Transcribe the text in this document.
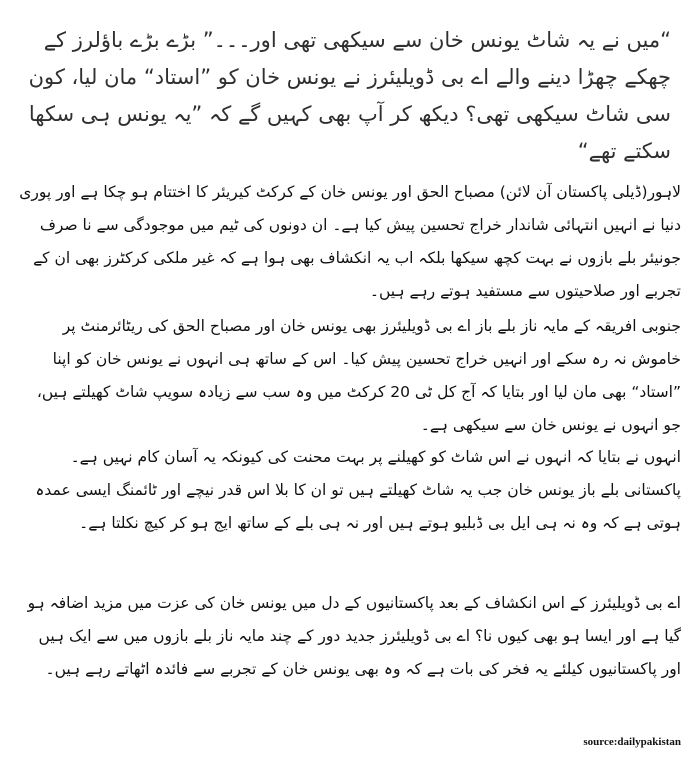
“میں نے یہ شاٹ یونس خان سے سیکھی تھی اور۔۔۔” بڑے بڑے باؤلرز کے چھکے چھڑا دینے والے اے بی ڈویلیئرز نے یونس خان کو ”استاد“ مان لیا، کون سی شاٹ سیکھی تھی؟ دیکھ کر آپ بھی کہیں گے کہ ”یہ یونس ہی سکھا سکتے تھے“
لاہور(ڈیلی پاکستان آن لائن) مصباح الحق اور یونس خان کے کرکٹ کیریئر کا اختتام ہو چکا ہے اور پوری دنیا نے انہیں انتہائی شاندار خراج تحسین پیش کیا ہے۔ ان دونوں کی ٹیم میں موجودگی سے نا صرف جونیئر بلے بازوں نے بہت کچھ سیکھا بلکہ اب یہ انکشاف بھی ہوا ہے کہ غیر ملکی کرکٹرز بھی ان کے تجربے اور صلاحیتوں سے مستفید ہوتے رہے ہیں۔
جنوبی افریقہ کے مایہ ناز بلے باز اے بی ڈویلیئرز بھی یونس خان اور مصباح الحق کی ریٹائرمنٹ پر خاموش نہ رہ سکے اور انہیں خراج تحسین پیش کیا۔ اس کے ساتھ ہی انہوں نے یونس خان کو اپنا ”استاد“ بھی مان لیا اور بتایا کہ آج کل ٹی 20 کرکٹ میں وہ سب سے زیادہ سویپ شاٹ کھیلتے ہیں، جو انہوں نے یونس خان سے سیکھی ہے۔
انہوں نے بتایا کہ انہوں نے اس شاٹ کو کھیلنے پر بہت محنت کی کیونکہ یہ آسان کام نہیں ہے۔ پاکستانی بلے باز یونس خان جب یہ شاٹ کھیلتے ہیں تو ان کا بلا اس قدر نیچے اور ٹائمنگ ایسی عمدہ ہوتی ہے کہ وہ نہ ہی ایل بی ڈبلیو ہوتے ہیں اور نہ ہی بلے کے ساتھ ایج ہو کر کیچ نکلتا ہے۔
اے بی ڈویلیئرز کے اس انکشاف کے بعد پاکستانیوں کے دل میں یونس خان کی عزت میں مزید اضافہ ہو گیا ہے اور ایسا ہو بھی کیوں نا؟ اے بی ڈویلیئرز جدید دور کے چند مایہ ناز بلے بازوں میں سے ایک ہیں اور پاکستانیوں کیلئے یہ فخر کی بات ہے کہ وہ بھی یونس خان کے تجربے سے فائدہ اٹھاتے رہے ہیں۔
source:dailypakistan
